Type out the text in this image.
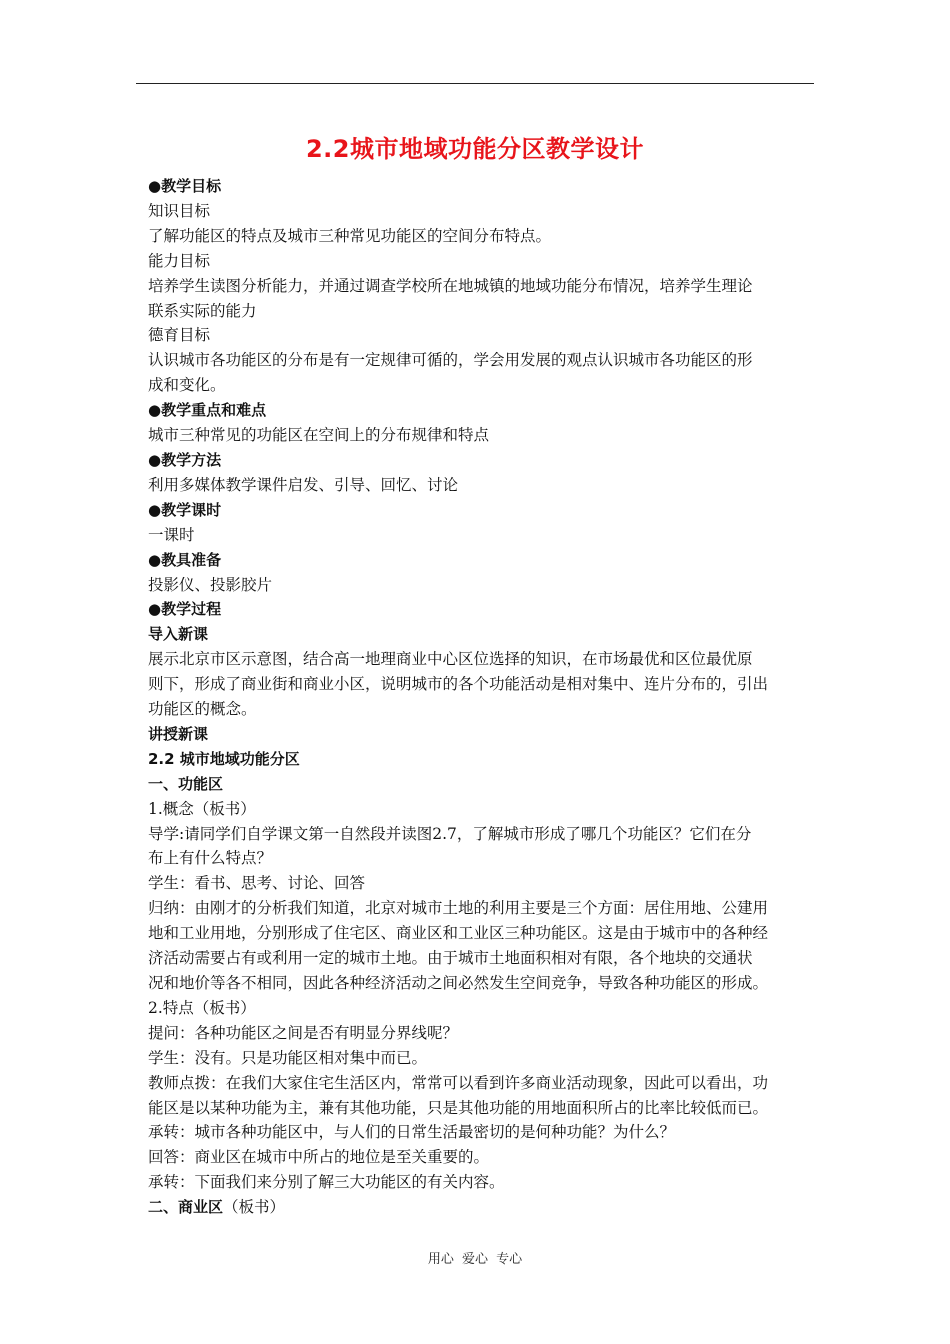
2.2城市地域功能分区教学设计
●教学目标
知识目标
了解功能区的特点及城市三种常见功能区的空间分布特点。
能力目标
培养学生读图分析能力，并通过调查学校所在地城镇的地域功能分布情况，培养学生理论
联系实际的能力
德育目标
认识城市各功能区的分布是有一定规律可循的，学会用发展的观点认识城市各功能区的形
成和变化。
●教学重点和难点
城市三种常见的功能区在空间上的分布规律和特点
●教学方法
利用多媒体教学课件启发、引导、回忆、讨论
●教学课时
一课时
●教具准备
投影仪、投影胶片
●教学过程
导入新课
展示北京市区示意图，结合高一地理商业中心区位选择的知识，在市场最优和区位最优原
则下，形成了商业街和商业小区，说明城市的各个功能活动是相对集中、连片分布的，引出
功能区的概念。
讲授新课
2.2 城市地域功能分区
一、功能区
1.概念（板书）
导学:请同学们自学课文第一自然段并读图2.7，了解城市形成了哪几个功能区？它们在分
布上有什么特点？
学生：看书、思考、讨论、回答
归纳：由刚才的分析我们知道，北京对城市土地的利用主要是三个方面：居住用地、公建用
地和工业用地，分别形成了住宅区、商业区和工业区三种功能区。这是由于城市中的各种经
济活动需要占有或利用一定的城市土地。由于城市土地面积相对有限，各个地块的交通状
况和地价等各不相同，因此各种经济活动之间必然发生空间竞争，导致各种功能区的形成。
2.特点（板书）
提问：各种功能区之间是否有明显分界线呢？
学生：没有。只是功能区相对集中而已。
教师点拨：在我们大家住宅生活区内，常常可以看到许多商业活动现象，因此可以看出，功
能区是以某种功能为主，兼有其他功能，只是其他功能的用地面积所占的比率比较低而已。
承转：城市各种功能区中，与人们的日常生活最密切的是何种功能？为什么？
回答：商业区在城市中所占的地位是至关重要的。
承转：下面我们来分别了解三大功能区的有关内容。
二、商业区（板书）
用心 爱心 专心
